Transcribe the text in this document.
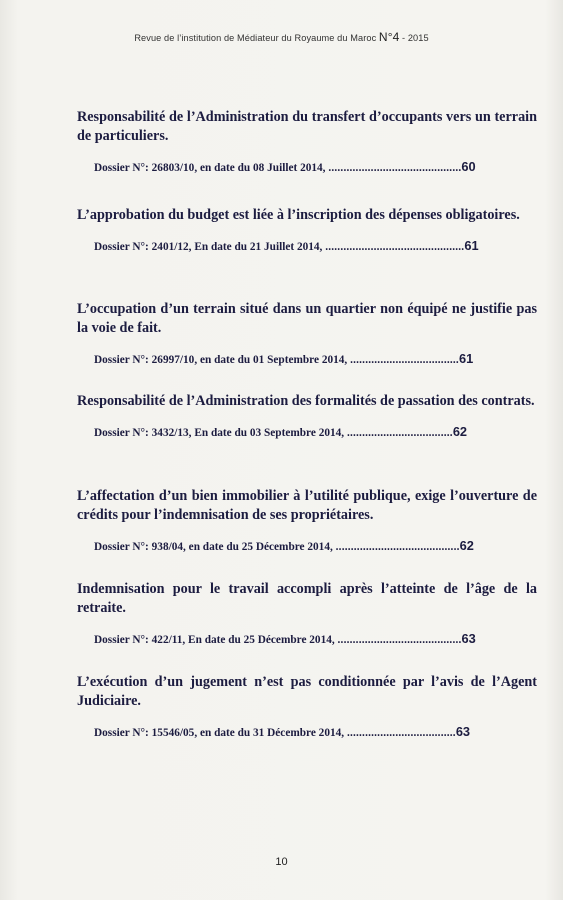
Revue de l’institution de Médiateur du Royaume du Maroc N°4 - 2015
Responsabilité de l’Administration du transfert d’occupants vers un terrain de particuliers.
Dossier N°: 26803/10, en date du 08 Juillet 2014, ............................................60
L’approbation du budget est liée à l’inscription des dépenses obligatoires.
Dossier N°: 2401/12, En date du 21 Juillet 2014, ..............................................61
L’occupation d’un terrain situé dans un quartier non équipé ne justifie pas la voie de fait.
Dossier N°: 26997/10, en date du 01 Septembre 2014, ....................................61
Responsabilité de l’Administration des formalités de passation des contrats.
Dossier N°: 3432/13, En date du 03 Septembre 2014, ...................................62
L’affectation d’un bien immobilier à l’utilité publique, exige l’ouverture de crédits pour l’indemnisation de ses propriétaires.
Dossier N°: 938/04, en date du 25 Décembre 2014, .........................................62
Indemnisation pour le travail accompli après l’atteinte de l’âge de la retraite.
Dossier N°: 422/11, En date du 25 Décembre 2014, .........................................63
L’exécution d’un jugement n’est pas conditionnée par l’avis de l’Agent Judiciaire.
Dossier N°: 15546/05, en date du 31 Décembre 2014, ....................................63
10
